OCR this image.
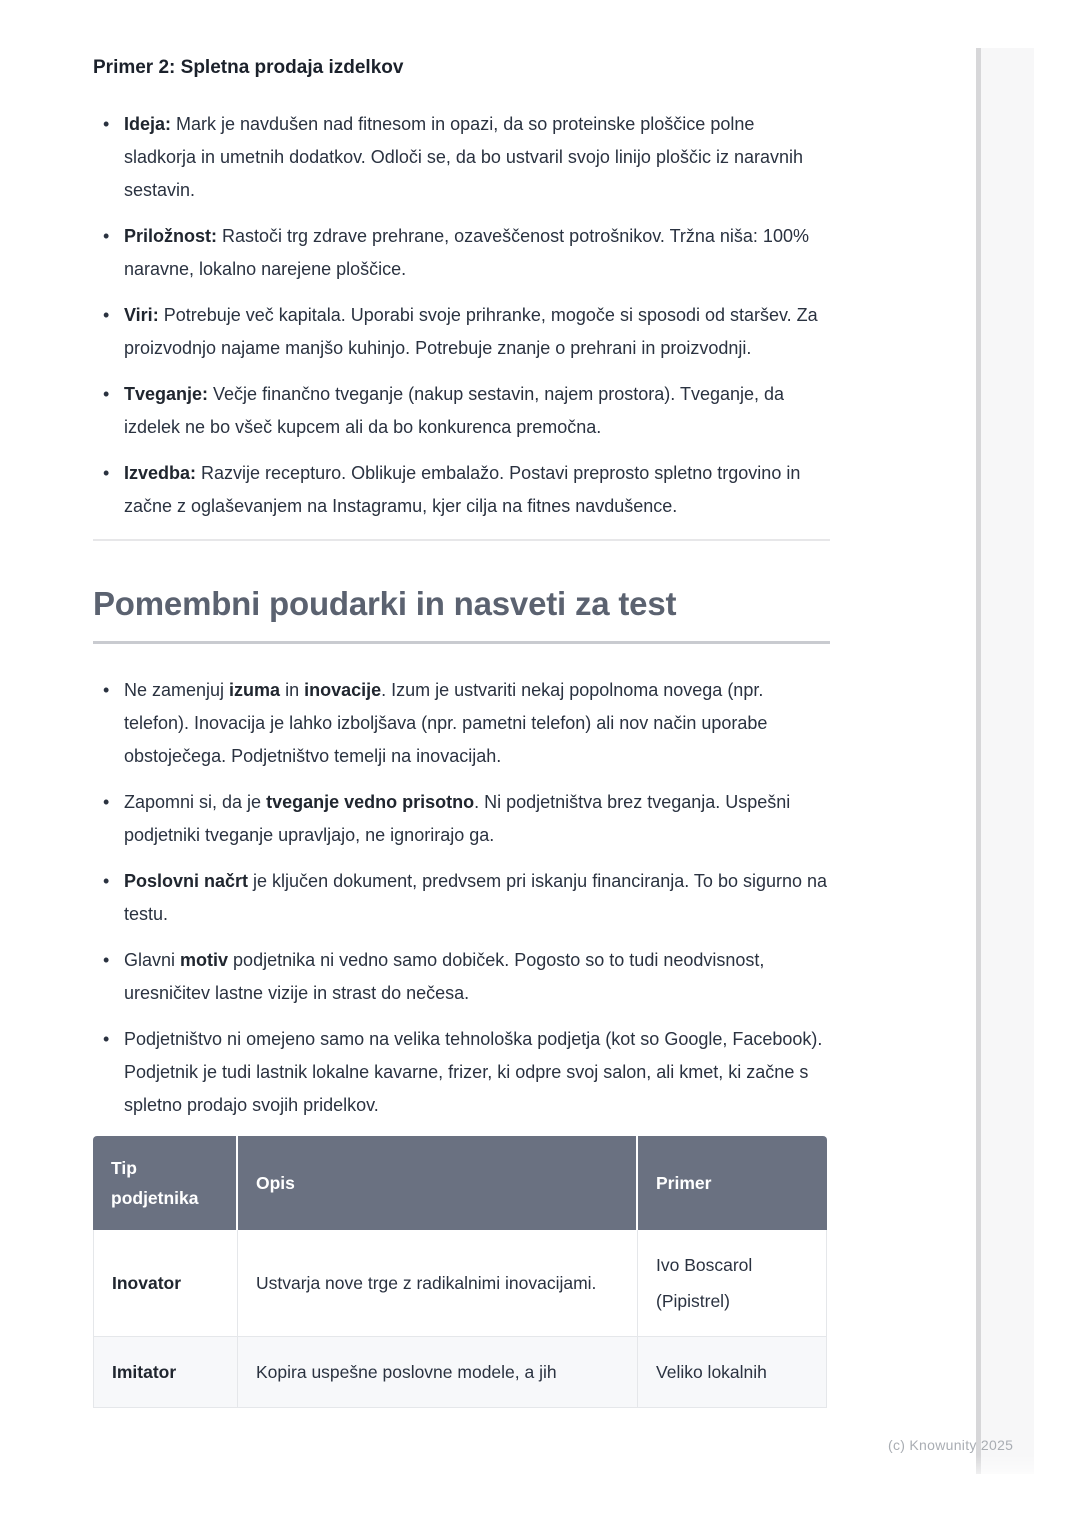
Primer 2: Spletna prodaja izdelkov
• Ideja: Mark je navdušen nad fitnesom in opazi, da so proteinske ploščice polne sladkorja in umetnih dodatkov. Odloči se, da bo ustvaril svojo linijo ploščic iz naravnih sestavin.
• Priložnost: Rastoči trg zdrave prehrane, ozaveščenost potrošnikov. Tržna niša: 100% naravne, lokalno narejene ploščice.
• Viri: Potrebuje več kapitala. Uporabi svoje prihranke, mogoče si sposodi od staršev. Za proizvodnjo najame manjšo kuhinjo. Potrebuje znanje o prehrani in proizvodnji.
• Tveganje: Večje finančno tveganje (nakup sestavin, najem prostora). Tveganje, da izdelek ne bo všeč kupcem ali da bo konkurenca premočna.
• Izvedba: Razvije recepturo. Oblikuje embalažo. Postavi preprosto spletno trgovino in začne z oglaševanjem na Instagramu, kjer cilja na fitnes navdušence.
Pomembni poudarki in nasveti za test
• Ne zamenjuj izuma in inovacije. Izum je ustvariti nekaj popolnoma novega (npr. telefon). Inovacija je lahko izboljšava (npr. pametni telefon) ali nov način uporabe obstoječega. Podjetništvo temelji na inovacijah.
• Zapomni si, da je tveganje vedno prisotno. Ni podjetništva brez tveganja. Uspešni podjetniki tveganje upravljajo, ne ignorirajo ga.
• Poslovni načrt je ključen dokument, predvsem pri iskanju financiranja. To bo sigurno na testu.
• Glavni motiv podjetnika ni vedno samo dobiček. Pogosto so to tudi neodvisnost, uresničitev lastne vizije in strast do nečesa.
• Podjetništvo ni omejeno samo na velika tehnološka podjetja (kot so Google, Facebook). Podjetnik je tudi lastnik lokalne kavarne, frizer, ki odpre svoj salon, ali kmet, ki začne s spletno prodajo svojih pridelkov.
Tip podjetnika	Opis	Primer
Inovator	Ustvarja nove trge z radikalnimi inovacijami.	Ivo Boscarol (Pipistrel)
Imitator	Kopira uspešne poslovne modele, a jih	Veliko lokalnih
(c) Knowunity 2025
